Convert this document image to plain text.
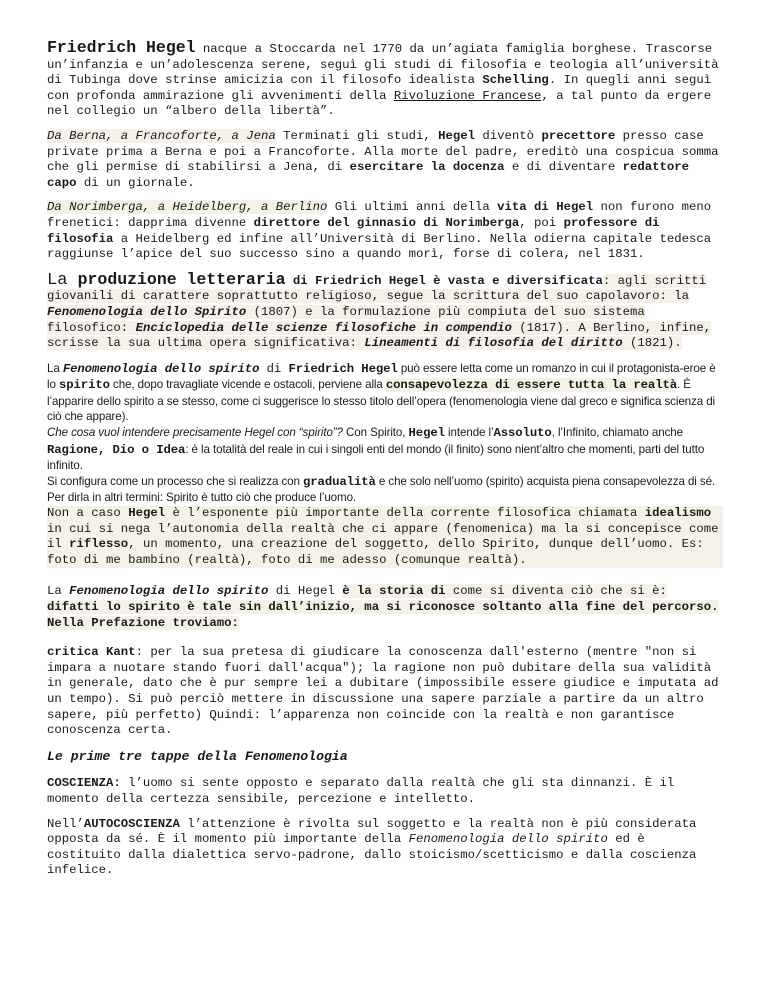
Friedrich Hegel nacque a Stoccarda nel 1770 da un’agiata famiglia borghese. Trascorse un’infanzia e un’adolescenza serene, seguì gli studi di filosofia e teologia all’università di Tubinga dove strinse amicizia con il filosofo idealista Schelling. In quegli anni seguì con profonda ammirazione gli avvenimenti della Rivoluzione Francese, a tal punto da ergere nel collegio un “albero della libertà”.

Da Berna, a Francoforte, a Jena Terminati gli studi, Hegel diventò precettore presso case private prima a Berna e poi a Francoforte. Alla morte del padre, ereditò una cospicua somma che gli permise di stabilirsi a Jena, di esercitare la docenza e di diventare redattore capo di un giornale.

Da Norimberga, a Heidelberg, a Berlino Gli ultimi anni della vita di Hegel non furono meno frenetici: dapprima divenne direttore del ginnasio di Norimberga, poi professore di filosofia a Heidelberg ed infine all’Università di Berlino. Nella odierna capitale tedesca raggiunse l’apice del suo successo sino a quando morì, forse di colera, nel 1831.

La produzione letteraria di Friedrich Hegel è vasta e diversificata: agli scritti giovanili di carattere soprattutto religioso, segue la scrittura del suo capolavoro: la Fenomenologia dello Spirito (1807) e la formulazione più compiuta del suo sistema filosofico: Enciclopedia delle scienze filosofiche in compendio (1817). A Berlino, infine, scrisse la sua ultima opera significativa: Lineamenti di filosofia del diritto (1821).

La Fenomenologia dello spirito di Friedrich Hegel può essere letta come un romanzo in cui il protagonista-eroe è lo spirito che, dopo travagliate vicende e ostacoli, perviene alla consapevolezza di essere tutta la realtà. È l’apparire dello spirito a se stesso, come ci suggerisce lo stesso titolo dell’opera (fenomenologia viene dal greco e significa scienza di ciò che appare).

Che cosa vuol intendere precisamente Hegel con “spirito”? Con Spirito, Hegel intende l’Assoluto, l’Infinito, chiamato anche Ragione, Dio o Idea: è la totalità del reale in cui i singoli enti del mondo (il finito) sono nient’altro che momenti, parti del tutto infinito.

Si configura come un processo che si realizza con gradualità e che solo nell’uomo (spirito) acquista piena consapevolezza di sé. Per dirla in altri termini: Spirito è tutto ciò che produce l’uomo.

Non a caso Hegel è l’esponente più importante della corrente filosofica chiamata idealismo in cui si nega l’autonomia della realtà che ci appare (fenomenica) ma la si concepisce come il riflesso, un momento, una creazione del soggetto, dello Spirito, dunque dell’uomo. Es: foto di me bambino (realtà), foto di me adesso (comunque realtà).

La Fenomenologia dello spirito di Hegel è la storia di come si diventa ciò che si è: difatti lo spirito è tale sin dall’inizio, ma si riconosce soltanto alla fine del percorso. Nella Prefazione troviamo:

critica Kant: per la sua pretesa di giudicare la conoscenza dall'esterno (mentre "non si impara a nuotare stando fuori dall'acqua"); la ragione non può dubitare della sua validità in generale, dato che è pur sempre lei a dubitare (impossibile essere giudice e imputata ad un tempo). Si può perciò mettere in discussione una sapere parziale a partire da un altro sapere, più perfetto) Quindi: l’apparenza non coincide con la realtà e non garantisce conoscenza certa.

Le prime tre tappe della Fenomenologia

COSCIENZA: l’uomo si sente opposto e separato dalla realtà che gli sta dinnanzi. È il momento della certezza sensibile, percezione e intelletto.

Nell’AUTOCOSCIENZA l’attenzione è rivolta sul soggetto e la realtà non è più considerata opposta da sé. È il momento più importante della Fenomenologia dello spirito ed è costituito dalla dialettica servo-padrone, dallo stoicismo/scetticismo e dalla coscienza infelice.
